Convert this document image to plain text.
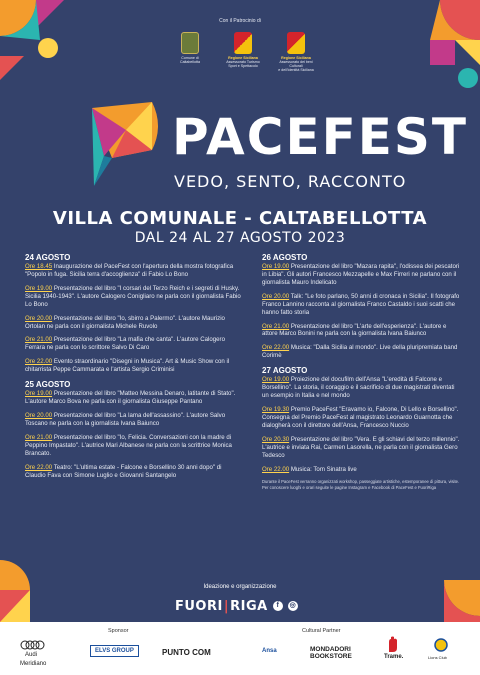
Con il Patrocinio di
Comune di
Caltabellotta
Regione Siciliana
Assessorato Turismo
Sport e Spettacolo
Regione Siciliana
Assessorato dei beni Culturali
e dell'Identità Siciliana
PACEFEST
VEDO, SENTO, RACCONTO
VILLA COMUNALE - CALTABELLOTTA
DAL 24 AL 27 AGOSTO 2023
24 AGOSTO
Ore 18.45 Inaugurazione del PaceFest con l'apertura della mostra fotografica "Popolo in fuga. Sicilia terra d'accoglienza" di Fabio Lo Bono
Ore 19.00 Presentazione del libro "I corsari del Terzo Reich e i segreti di Husky. Sicilia 1940-1943". L'autore Calogero Conigliaro ne parla con il giornalista Fabio Lo Bono
Ore 20.00 Presentazione del libro "Io, sbirro a Palermo". L'autore Maurizio Ortolan ne parla con il giornalista Michele Ruvolo
Ore 21.00 Presentazione del libro "La mafia che canta". L'autore Calogero Ferrara ne parla con lo scrittore Salvo Di Caro
Ore 22.00 Evento straordinario "Disegni in Musica". Art & Music Show con il chitarrista Peppe Cammarata e l'artista Sergio Criminisi
25 AGOSTO
Ore 19.00 Presentazione del libro "Matteo Messina Denaro, latitante di Stato". L'autore Marco Bova ne parla con il giornalista Giuseppe Pantano
Ore 20.00 Presentazione del libro "La lama dell'assassino". L'autore Salvo Toscano ne parla con la giornalista Ivana Baiunco
Ore 21.00 Presentazione del libro "Io, Felicia. Conversazioni con la madre di Peppino Impastato". L'autrice Mari Albanese ne parla con la scrittrice Monica Brancato.
Ore 22.00 Teatro: "L'ultima estate - Falcone e Borsellino 30 anni dopo" di Claudio Fava con Simone Luglio e Giovanni Santangelo
26 AGOSTO
Ore 19.00 Presentazione del libro "Mazara rapita", l'odissea dei pescatori in Libia". Gli autori Francesco Mezzapelle e Max Firreri ne parlano con il giornalista Mauro Indelicato
Ore 20.00 Talk: "Le foto parlano, 50 anni di cronaca in Sicilia". Il fotografo Franco Lannino racconta al giornalista Franco Castaldo i suoi scatti che hanno fatto storia
Ore 21.00 Presentazione del libro "L'arte dell'esperienza". L'autore e attore Marco Bonini ne parla con la giornalista Ivana Baiunco
Ore 22.00 Musica: "Dalla Sicilia al mondo". Live della pluripremiata band Corimè
27 AGOSTO
Ore 19.00 Proiezione del docufilm dell'Ansa "L'eredità di Falcone e Borsellino". La storia, il coraggio e il sacrificio di due magistrati diventati un esempio in Italia e nel mondo
Ore 19.30 Premio PaceFest "Eravamo io, Falcone, Di Lello e Borsellino". Consegna del Premio PaceFest al magistrato Leonardo Guarnotta che dialogherà con il direttore dell'Ansa, Francesco Nuccio
Ore 20.30 Presentazione del libro "Vera. E gli schiavi del terzo millennio". L'autrice e inviata Rai, Carmen Lasorella, ne parla con il giornalista Gero Tedesco
Ore 22.00 Musica: Tom Sinatra live
Durante il PaceFest verranno organizzati workshop, passeggiate artistiche, estemporanee di pittura, visite. Per conoscere luoghi e orari seguite le pagine Instagram e Facebook di PaceFest e FuoriRiga
Ideazione e organizzazione
FUORI|RIGA	f	◎
Sponsor	Cultural Partner
Audi
Meridiano
ELVS GROUP	PUNTO COM	Ansa	MONDADORI BOOKSTORE	Trame.	Lions Club
